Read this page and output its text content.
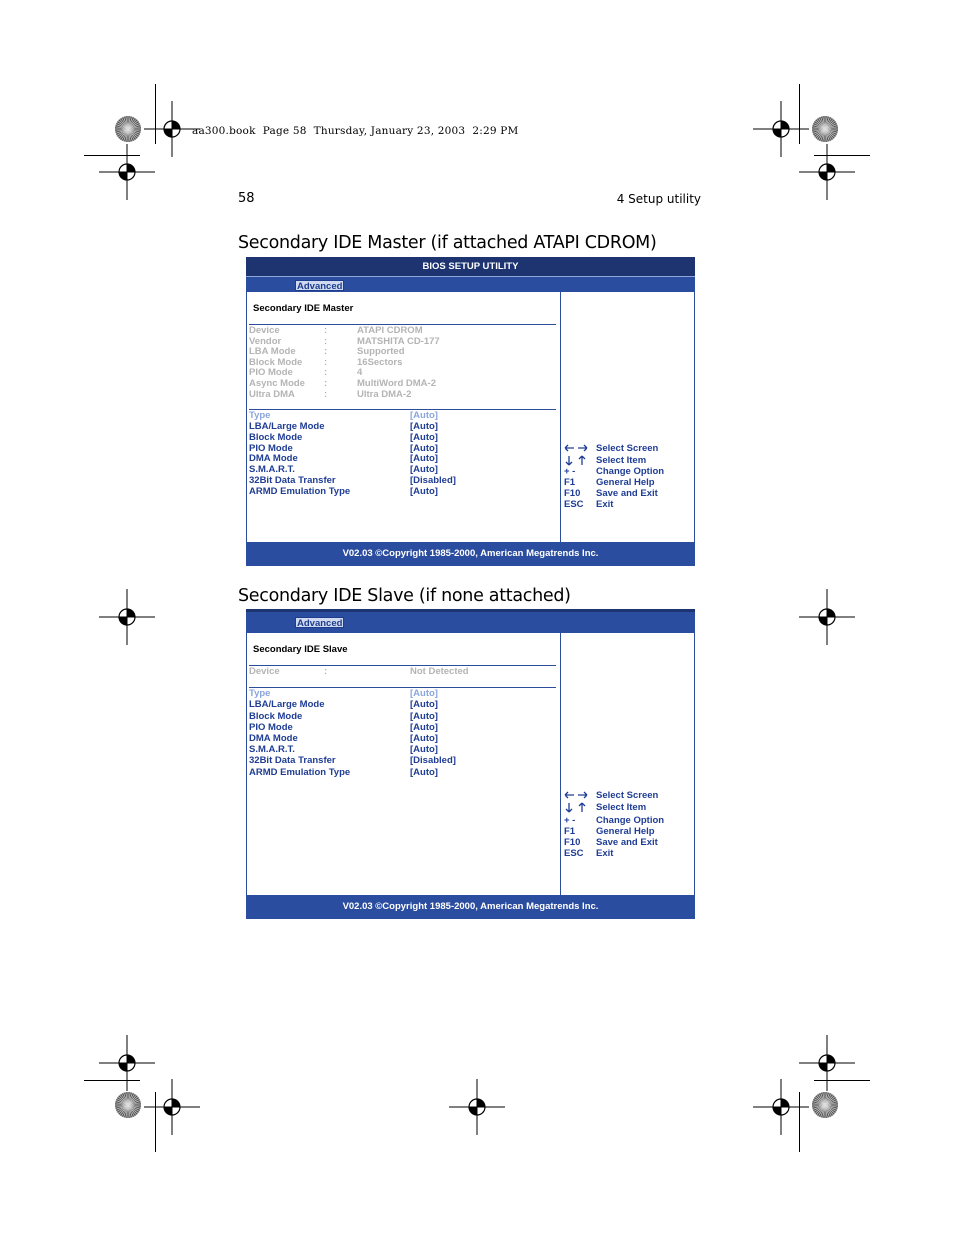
aa300.book  Page 58  Thursday, January 23, 2003  2:29 PM
58	4 Setup utility
Secondary IDE Master (if attached ATAPI CDROM)
BIOS SETUP UTILITY
Advanced
Secondary IDE Master
Device	:	ATAPI CDROM
Vendor	:	MATSHITA CD-177
LBA Mode	:	Supported
Block Mode :	16Sectors
PIO Mode	:	4
Async Mode :	MultiWord DMA-2
Ultra DMA	:	Ultra DMA-2
Type	[Auto]
LBA/Large Mode	[Auto]
Block Mode	[Auto]
PIO Mode	[Auto]
DMA Mode	[Auto]
S.M.A.R.T.	[Auto]
32Bit Data Transfer	[Disabled]
ARMD Emulation Type	[Auto]
Select Screen
Select Item
+ - Change Option
F1 General Help
F10 Save and Exit
ESC Exit
V02.03 ©Copyright 1985-2000, American Megatrends Inc.
Secondary IDE Slave (if none attached)
Advanced
Secondary IDE Slave
Device	:	Not Detected
Type	[Auto]
LBA/Large Mode	[Auto]
Block Mode	[Auto]
PIO Mode	[Auto]
DMA Mode	[Auto]
S.M.A.R.T.	[Auto]
32Bit Data Transfer	[Disabled]
ARMD Emulation Type	[Auto]
Select Screen
Select Item
+ - Change Option
F1 General Help
F10 Save and Exit
ESC Exit
V02.03 ©Copyright 1985-2000, American Megatrends Inc.
